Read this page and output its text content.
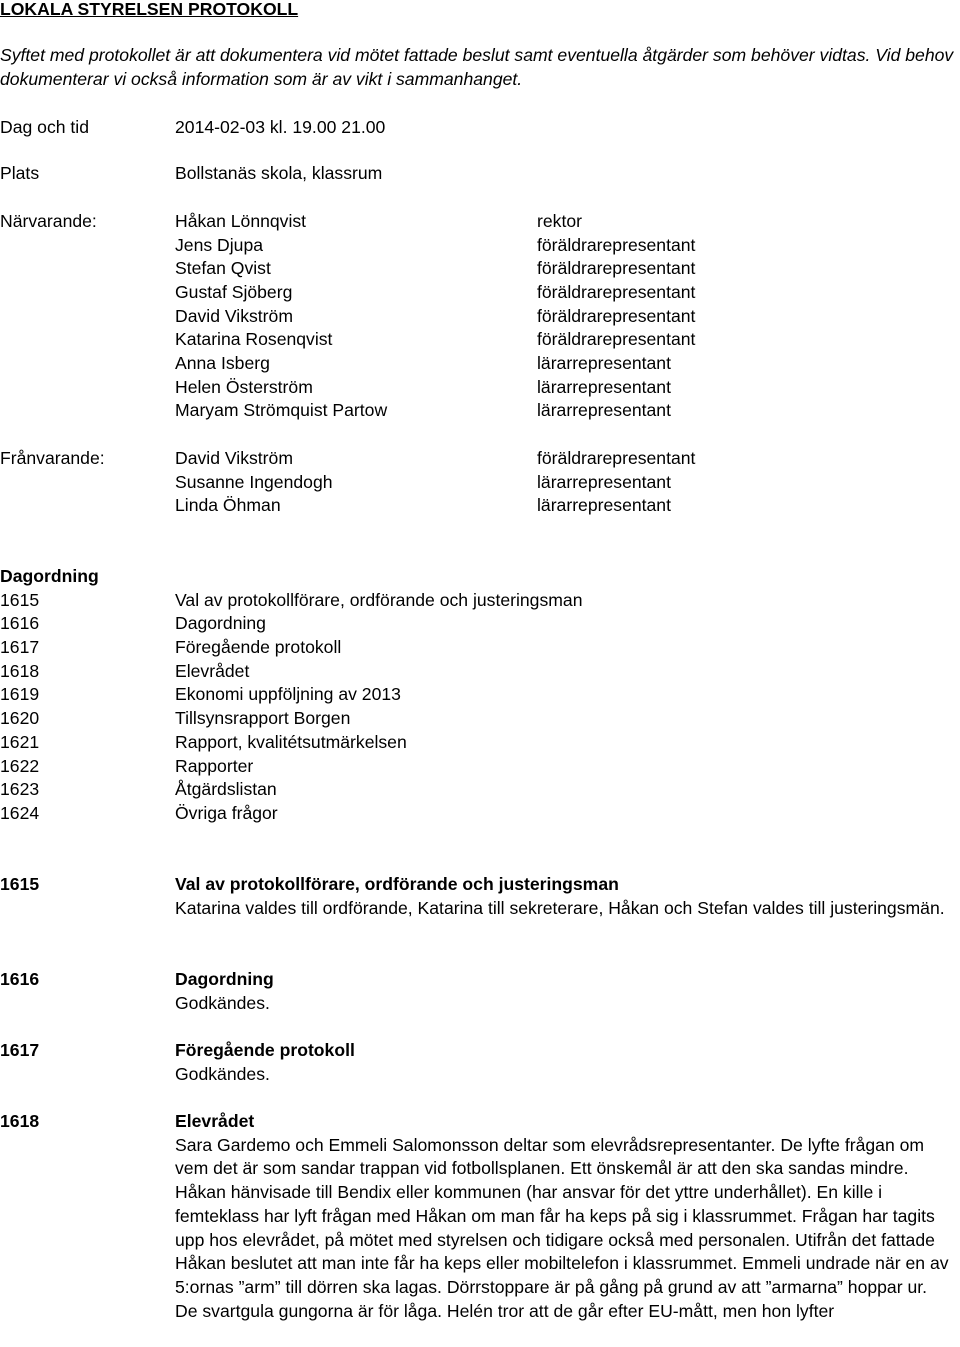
LOKALA STYRELSEN PROTOKOLL
Syftet med protokollet är att dokumentera vid mötet fattade beslut samt eventuella åtgärder som behöver vidtas. Vid behov dokumenterar vi också information som är av vikt i sammanhanget.
Dag och tid	2014-02-03 kl. 19.00 21.00
Plats	Bollstanäs skola, klassrum
Närvarande:	Håkan Lönnqvist	rektor
Jens Djupa	föräldrarepresentant
Stefan Qvist	föräldrarepresentant
Gustaf Sjöberg	föräldrarepresentant
David Vikström	föräldrarepresentant
Katarina Rosenqvist	föräldrarepresentant
Anna Isberg	lärarrepresentant
Helen Österström	lärarrepresentant
Maryam Strömquist Partow	lärarrepresentant
Frånvarande:	David Vikström	föräldrarepresentant
Susanne Ingendogh	lärarrepresentant
Linda Öhman	lärarrepresentant
Dagordning
1615	Val av protokollförare, ordförande och justeringsman
1616	Dagordning
1617	Föregående protokoll
1618	Elevrådet
1619	Ekonomi uppföljning av 2013
1620	Tillsynsrapport Borgen
1621	Rapport, kvalitétsutmärkelsen
1622	Rapporter
1623	Åtgärdslistan
1624	Övriga frågor
1615	Val av protokollförare, ordförande och justeringsman

Katarina valdes till ordförande, Katarina till sekreterare, Håkan och Stefan valdes till justeringsmän.

1616	Dagordning

Godkändes.

1617	Föregående protokoll

Godkändes.

1618	Elevrådet

Sara Gardemo och Emmeli Salomonsson deltar som elevrådsrepresentanter. De lyfte frågan om vem det är som sandar trappan vid fotbollsplanen. Ett önskemål är att den ska sandas mindre. Håkan hänvisade till Bendix eller kommunen (har ansvar för det yttre underhållet). En kille i femteklass har lyft frågan med Håkan om man får ha keps på sig i klassrummet. Frågan har tagits upp hos elevrådet, på mötet med styrelsen och tidigare också med personalen. Utifrån det fattade Håkan beslutet att man inte får ha keps eller mobiltelefon i klassrummet. Emmeli undrade när en av 5:ornas ”arm” till dörren ska lagas. Dörrstoppare är på gång på grund av att ”armarna” hoppar ur.

De svartgula gungorna är för låga. Helén tror att de går efter EU-mått, men hon lyfter
